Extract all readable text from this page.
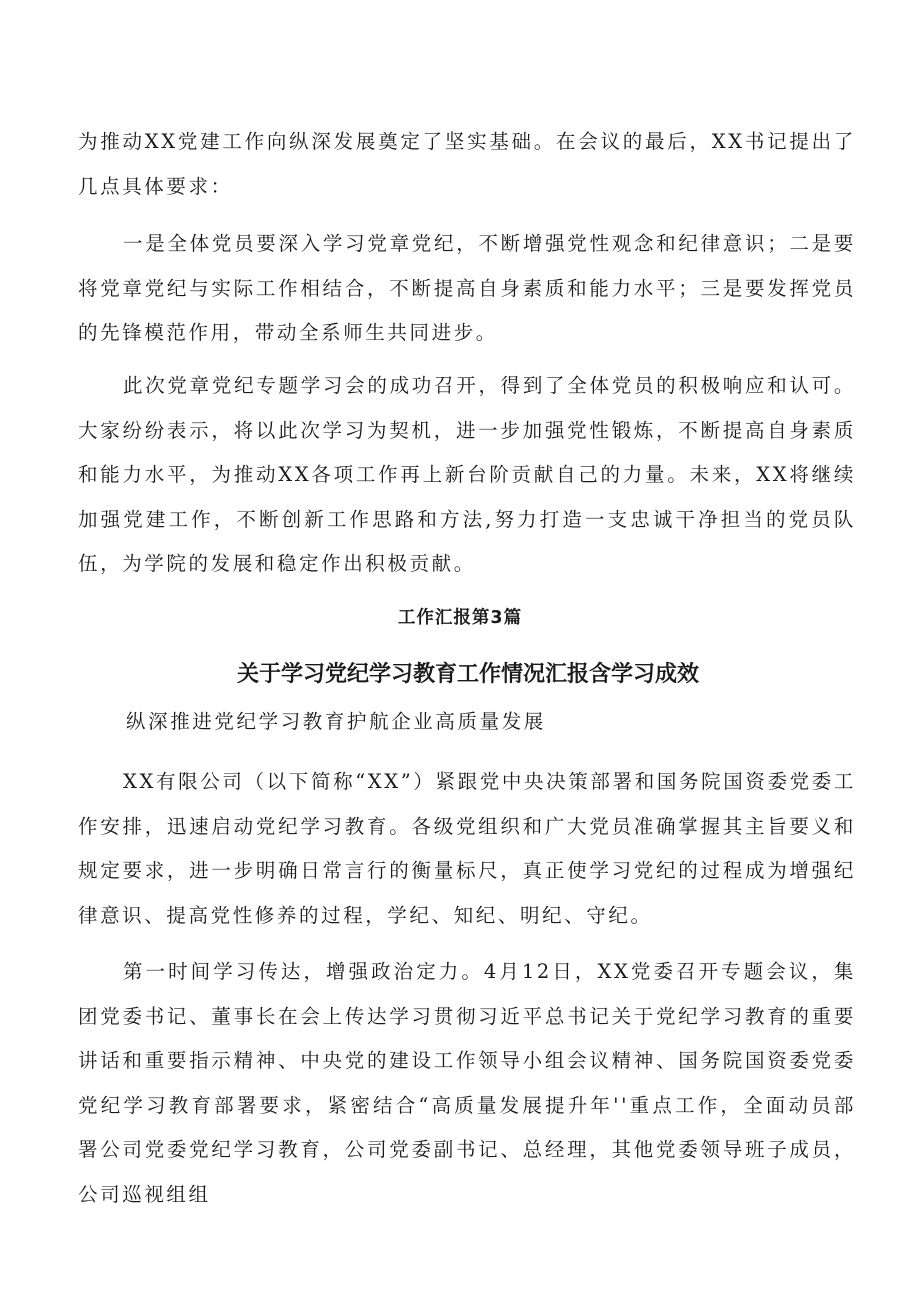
为推动XX党建工作向纵深发展奠定了坚实基础。在会议的最后，XX书记提出了几点具体要求：

一是全体党员要深入学习党章党纪，不断增强党性观念和纪律意识；二是要将党章党纪与实际工作相结合，不断提高自身素质和能力水平；三是要发挥党员的先锋模范作用，带动全系师生共同进步。

此次党章党纪专题学习会的成功召开，得到了全体党员的积极响应和认可。大家纷纷表示，将以此次学习为契机，进一步加强党性锻炼，不断提高自身素质和能力水平，为推动XX各项工作再上新台阶贡献自己的力量。未来，XX将继续加强党建工作，不断创新工作思路和方法,努力打造一支忠诚干净担当的党员队伍，为学院的发展和稳定作出积极贡献。

工作汇报第3篇
关于学习党纪学习教育工作情况汇报含学习成效

纵深推进党纪学习教育护航企业高质量发展

XX有限公司（以下简称“XX”）紧跟党中央决策部署和国务院国资委党委工作安排，迅速启动党纪学习教育。各级党组织和广大党员准确掌握其主旨要义和规定要求，进一步明确日常言行的衡量标尺，真正使学习党纪的过程成为增强纪律意识、提高党性修养的过程，学纪、知纪、明纪、守纪。

第一时间学习传达，增强政治定力。4月12日，XX党委召开专题会议，集团党委书记、董事长在会上传达学习贯彻习近平总书记关于党纪学习教育的重要讲话和重要指示精神、中央党的建设工作领导小组会议精神、国务院国资委党委党纪学习教育部署要求，紧密结合“高质量发展提升年''重点工作，全面动员部署公司党委党纪学习教育，公司党委副书记、总经理，其他党委领导班子成员，公司巡视组组
